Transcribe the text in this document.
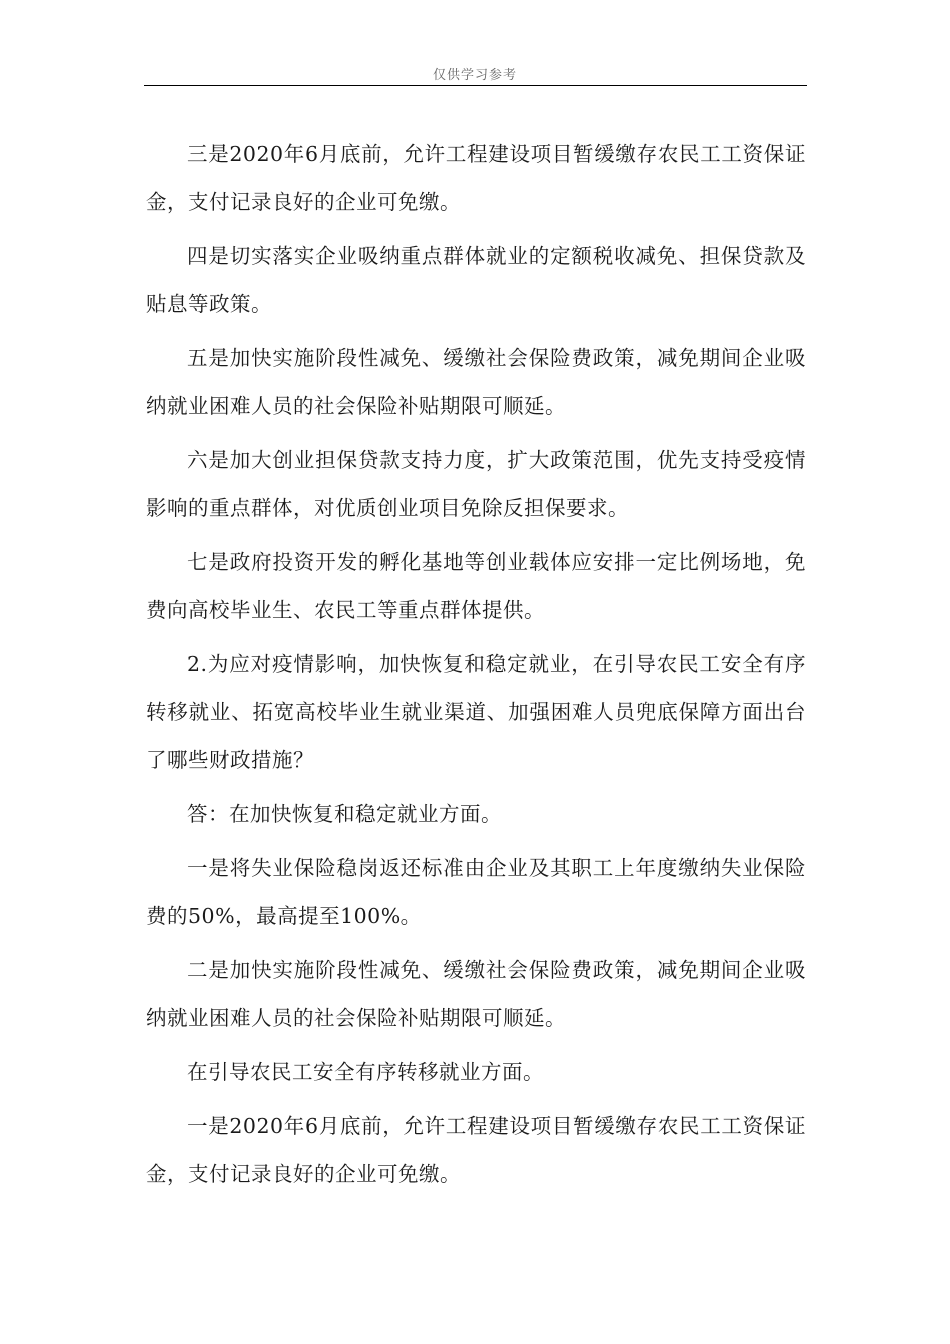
仅供学习参考

三是2020年6月底前，允许工程建设项目暂缓缴存农民工工资保证金，支付记录良好的企业可免缴。

四是切实落实企业吸纳重点群体就业的定额税收减免、担保贷款及贴息等政策。

五是加快实施阶段性减免、缓缴社会保险费政策，减免期间企业吸纳就业困难人员的社会保险补贴期限可顺延。

六是加大创业担保贷款支持力度，扩大政策范围，优先支持受疫情影响的重点群体，对优质创业项目免除反担保要求。

七是政府投资开发的孵化基地等创业载体应安排一定比例场地，免费向高校毕业生、农民工等重点群体提供。

2.为应对疫情影响，加快恢复和稳定就业，在引导农民工安全有序转移就业、拓宽高校毕业生就业渠道、加强困难人员兜底保障方面出台了哪些财政措施？

答：在加快恢复和稳定就业方面。

一是将失业保险稳岗返还标准由企业及其职工上年度缴纳失业保险费的50%，最高提至100%。

二是加快实施阶段性减免、缓缴社会保险费政策，减免期间企业吸纳就业困难人员的社会保险补贴期限可顺延。

在引导农民工安全有序转移就业方面。

一是2020年6月底前，允许工程建设项目暂缓缴存农民工工资保证金，支付记录良好的企业可免缴。
